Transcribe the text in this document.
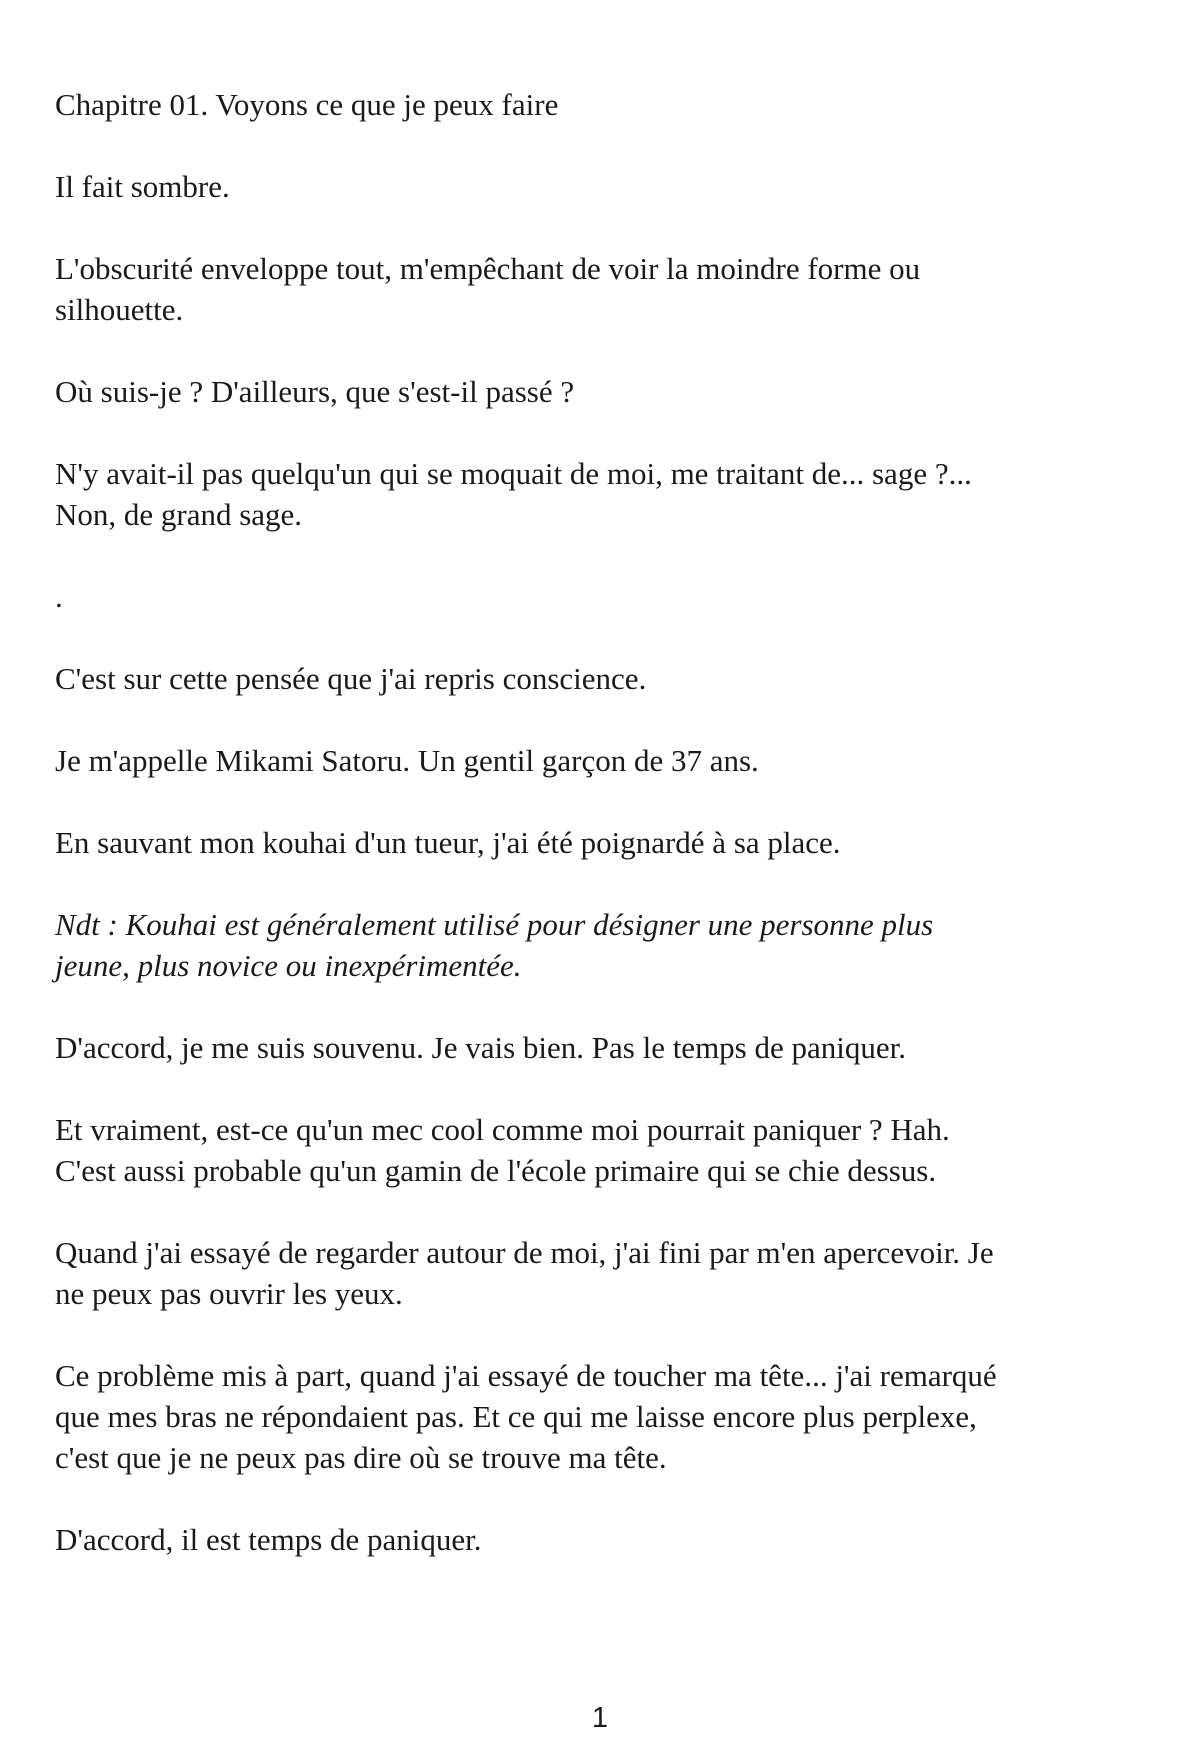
Chapitre 01. Voyons ce que je peux faire

Il fait sombre.

L'obscurité enveloppe tout, m'empêchant de voir la moindre forme ou
silhouette.

Où suis-je ? D'ailleurs, que s'est-il passé ?

N'y avait-il pas quelqu'un qui se moquait de moi, me traitant de... sage ?...
Non, de grand sage.

.

C'est sur cette pensée que j'ai repris conscience.

Je m'appelle Mikami Satoru. Un gentil garçon de 37 ans.

En sauvant mon kouhai d'un tueur, j'ai été poignardé à sa place.

Ndt : Kouhai est généralement utilisé pour désigner une personne plus
jeune, plus novice ou inexpérimentée.

D'accord, je me suis souvenu. Je vais bien. Pas le temps de paniquer.

Et vraiment, est-ce qu'un mec cool comme moi pourrait paniquer ? Hah.
C'est aussi probable qu'un gamin de l'école primaire qui se chie dessus.

Quand j'ai essayé de regarder autour de moi, j'ai fini par m'en apercevoir. Je
ne peux pas ouvrir les yeux.

Ce problème mis à part, quand j'ai essayé de toucher ma tête... j'ai remarqué
que mes bras ne répondaient pas. Et ce qui me laisse encore plus perplexe,
c'est que je ne peux pas dire où se trouve ma tête.

D'accord, il est temps de paniquer.

1
